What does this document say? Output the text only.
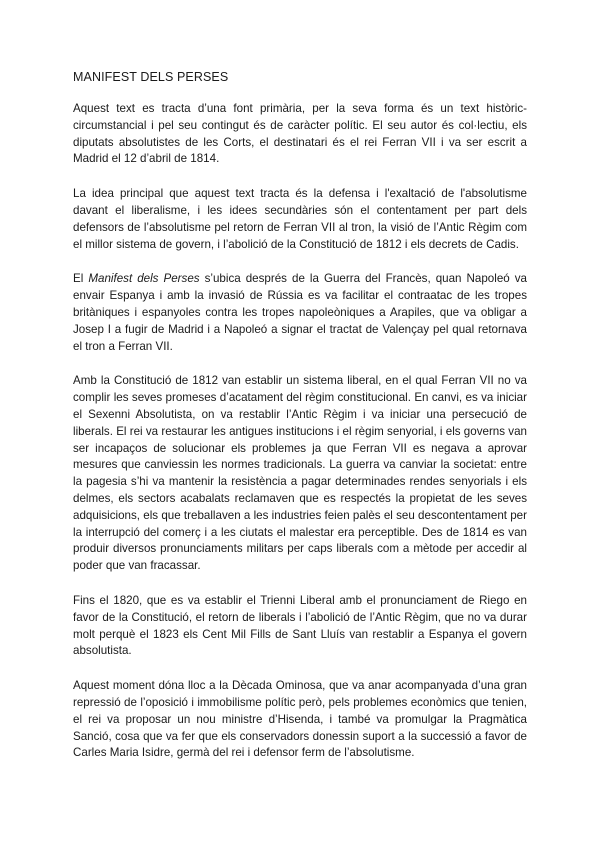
MANIFEST DELS PERSES

Aquest text es tracta d’una font primària, per la seva forma és un text històric-circumstancial i pel seu contingut és de caràcter polític. El seu autor és col·lectiu, els diputats absolutistes de les Corts, el destinatari és el rei Ferran VII i va ser escrit a Madrid el 12 d’abril de 1814.

La idea principal que aquest text tracta és la defensa i l'exaltació de l'absolutisme davant el liberalisme, i les idees secundàries són el contentament per part dels defensors de l’absolutisme pel retorn de Ferran VII al tron, la visió de l’Antic Règim com el millor sistema de govern, i l’abolició de la Constitució de 1812 i els decrets de Cadis.

El Manifest dels Perses s’ubica després de la Guerra del Francès, quan Napoleó va envair Espanya i amb la invasió de Rússia es va facilitar el contraatac de les tropes britàniques i espanyoles contra les tropes napoleòniques a Arapiles, que va obligar a Josep I a fugir de Madrid i a Napoleó a signar el tractat de Valençay pel qual retornava el tron a Ferran VII.

Amb la Constitució de 1812 van establir un sistema liberal, en el qual Ferran VII no va complir les seves promeses d’acatament del règim constitucional. En canvi, es va iniciar el Sexenni Absolutista, on va restablir l’Antic Règim i va iniciar una persecució de liberals. El rei va restaurar les antigues institucions i el règim senyorial, i els governs van ser incapaços de solucionar els problemes ja que Ferran VII es negava a aprovar mesures que canviessin les normes tradicionals. La guerra va canviar la societat: entre la pagesia s’hi va mantenir la resistència a pagar determinades rendes senyorials i els delmes, els sectors acabalats reclamaven que es respectés la propietat de les seves adquisicions, els que treballaven a les industries feien palès el seu descontentament per la interrupció del comerç i a les ciutats el malestar era perceptible. Des de 1814 es van produir diversos pronunciaments militars per caps liberals com a mètode per accedir al poder que van fracassar.

Fins el 1820, que es va establir el Trienni Liberal amb el pronunciament de Riego en favor de la Constitució, el retorn de liberals i l’abolició de l’Antic Règim, que no va durar molt perquè el 1823 els Cent Mil Fills de Sant Lluís van restablir a Espanya el govern absolutista.

Aquest moment dóna lloc a la Dècada Ominosa, que va anar acompanyada d’una gran repressió de l’oposició i immobilisme polític però, pels problemes econòmics que tenien, el rei va proposar un nou ministre d’Hisenda, i també va promulgar la Pragmàtica Sanció, cosa que va fer que els conservadors donessin suport a la successió a favor de Carles Maria Isidre, germà del rei i defensor ferm de l’absolutisme.
